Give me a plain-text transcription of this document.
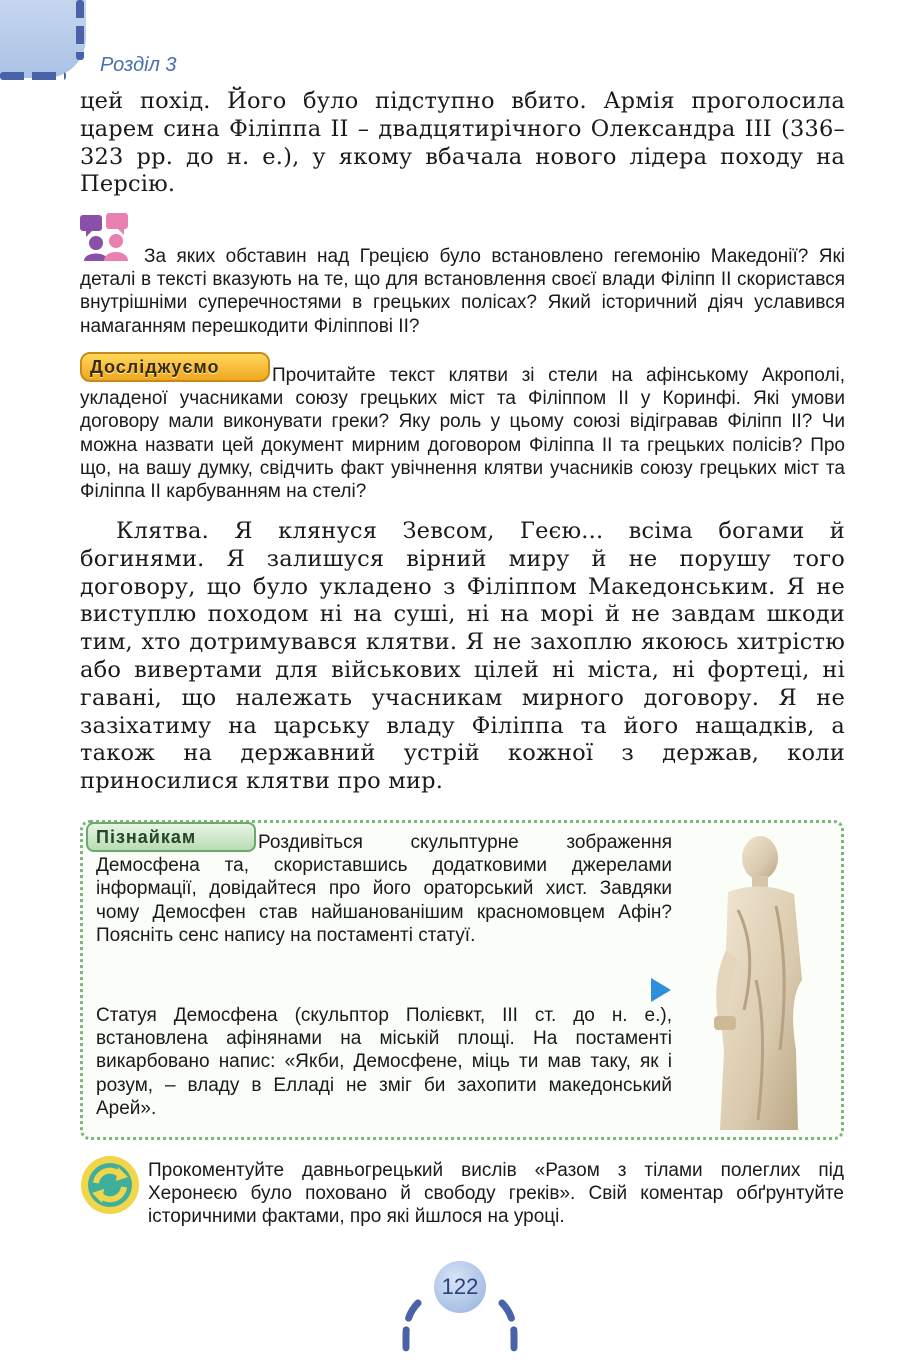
Розділ 3

цей похід. Його було підступно вбито. Армія проголосила царем сина Філіппа ІІ – двадцятирічного Олександра ІІІ (336–323 рр. до н. е.), у якому вбачала нового лідера походу на Персію.

За яких обставин над Грецією було встановлено гегемонію Македонії? Які деталі в тексті вказують на те, що для встановлення своєї влади Філіпп ІІ скористався внутрішніми суперечностями в грецьких полісах? Який історичний діяч уславився намаганням перешкодити Філіппові ІІ?

Досліджуємо	Прочитайте текст клятви зі стели на афінському Акрополі, укладеної учасниками союзу грецьких міст та Філіппом ІІ у Коринфі. Які умови договору мали виконувати греки? Яку роль у цьому союзі відігравав Філіпп ІІ? Чи можна назвати цей документ мирним договором Філіппа ІІ та грецьких полісів? Про що, на вашу думку, свідчить факт увічнення клятви учасників союзу грецьких міст та Філіппа ІІ карбуванням на стелі?

Клятва. Я клянуся Зевсом, Геєю... всіма богами й богинями. Я залишуся вірний миру й не порушу того договору, що було укладено з Філіппом Македонським. Я не виступлю походом ні на суші, ні на морі й не завдам шкоди тим, хто дотримувався клятви. Я не захоплю якоюсь хитрістю або вивертами для військових цілей ні міста, ні фортеці, ні гавані, що належать учасникам мирного договору. Я не зазіхатиму на царську владу Філіппа та його нащадків, а також на державний устрій кожної з держав, коли приносилися клятви про мир.

Пізнайкам	Роздивіться скульптурне зображення Демосфена та, скориставшись додатковими джерелами інформації, довідайтеся про його ораторський хист. Завдяки чому Демосфен став найшанованішим красномовцем Афін? Поясніть сенс напису на постаменті статуї.

Статуя Демосфена (скульптор Полієвкт, ІІІ ст. до н. е.), встановлена афінянами на міській площі. На постаменті викарбовано напис: «Якби, Демосфене, міць ти мав таку, як і розум, – владу в Елладі не зміг би захопити македонський Арей».

Прокоментуйте давньогрецький вислів «Разом з тілами полеглих під Херонеєю було поховано й свободу греків». Свій коментар обґрунтуйте історичними фактами, про які йшлося на уроці.

122
